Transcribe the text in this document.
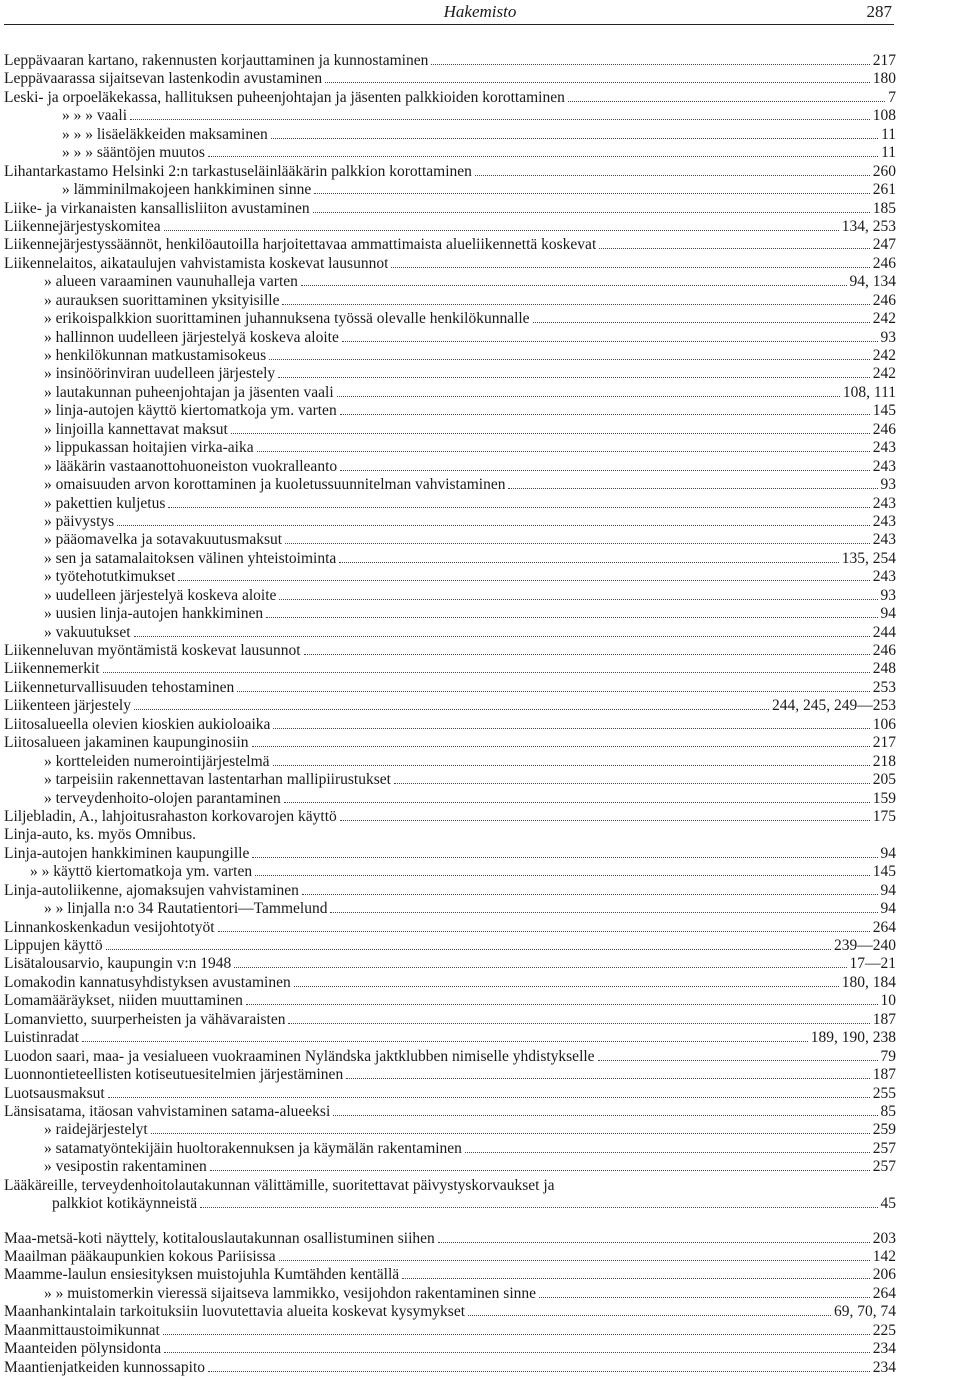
Hakemisto	287
Leppävaaran kartano, rakennusten korjauttaminen ja kunnostaminen	217
Leppävaarassa sijaitsevan lastenkodin avustaminen	180
Leski- ja orpoeläkekassa, hallituksen puheenjohtajan ja jäsenten palkkioiden korottaminen	7
» » » vaali	108
» » » lisäeläkkeiden maksaminen	11
» » » sääntöjen muutos	11
Lihantarkastamo Helsinki 2:n tarkastuseläinlääkärin palkkion korottaminen	260
» lämminilmakojeen hankkiminen sinne	261
Liike- ja virkanaisten kansallisliiton avustaminen	185
Liikennejärjestyskomitea	134, 253
Liikennejärjestyssäännöt, henkilöautoilla harjoitettavaa ammattimaista alueliikennettä koskevat	247
Liikennelaitos, aikataulujen vahvistamista koskevat lausunnot	246
» alueen varaaminen vaunuhalleja varten	94, 134
» aurauksen suorittaminen yksityisille	246
» erikoispalkkion suorittaminen juhannuksena työssä olevalle henkilökunnalle	242
» hallinnon uudelleen järjestelyä koskeva aloite	93
» henkilökunnan matkustamisokeus	242
» insinöörinviran uudelleen järjestely	242
» lautakunnan puheenjohtajan ja jäsenten vaali	108, 111
» linja-autojen käyttö kiertomatkoja ym. varten	145
» linjoilla kannettavat maksut	246
» lippukassan hoitajien virka-aika	243
» lääkärin vastaanottohuoneiston vuokralleanto	243
» omaisuuden arvon korottaminen ja kuoletussuunnitelman vahvistaminen	93
» pakettien kuljetus	243
» päivystys	243
» pääomavelka ja sotavakuutusmaksut	243
» sen ja satamalaitoksen välinen yhteistoiminta	135, 254
» työtehotutkimukset	243
» uudelleen järjestelyä koskeva aloite	93
» uusien linja-autojen hankkiminen	94
» vakuutukset	244
Liikenneluvan myöntämistä koskevat lausunnot	246
Liikennemerkit	248
Liikenneturvallisuuden tehostaminen	253
Liikenteen järjestely	244, 245, 249—253
Liitosalueella olevien kioskien aukioloaika	106
Liitosalueen jakaminen kaupunginosiin	217
» kortteleiden numerointijärjestelmä	218
» tarpeisiin rakennettavan lastentarhan mallipiirustukset	205
» terveydenhoito-olojen parantaminen	159
Liljebladin, A., lahjoitusrahaston korkovarojen käyttö	175
Linja-auto, ks. myös Omnibus.
Linja-autojen hankkiminen kaupungille	94
» » käyttö kiertomatkoja ym. varten	145
Linja-autoliikenne, ajomaksujen vahvistaminen	94
» » linjalla n:o 34 Rautatientori—Tammelund	94
Linnankoskenkadun vesijohtotyöt	264
Lippujen käyttö	239—240
Lisätalousarvio, kaupungin v:n 1948	17—21
Lomakodin kannatusyhdistyksen avustaminen	180, 184
Lomamääräykset, niiden muuttaminen	10
Lomanvietto, suurperheisten ja vähävaraisten	187
Luistinradat	189, 190, 238
Luodon saari, maa- ja vesialueen vuokraaminen Nyländska jaktklubben nimiselle yhdistykselle	79
Luonnontieteellisten kotiseutuesitelmien järjestäminen	187
Luotsausmaksut	255
Länsisatama, itäosan vahvistaminen satama-alueeksi	85
» raidejärjestelyt	259
» satamatyöntekijäin huoltorakennuksen ja käymälän rakentaminen	257
» vesipostin rakentaminen	257
Lääkäreille, terveydenhoitolautakunnan välittämille, suoritettavat päivystyskorvaukset ja
palkkiot kotikäynneistä	45
Maa-metsä-koti näyttely, kotitalouslautakunnan osallistuminen siihen	203
Maailman pääkaupunkien kokous Pariisissa	142
Maamme-laulun ensiesityksen muistojuhla Kumtähden kentällä	206
» » muistomerkin vieressä sijaitseva lammikko, vesijohdon rakentaminen sinne	264
Maanhankintalain tarkoituksiin luovutettavia alueita koskevat kysymykset	69, 70, 74
Maanmittaustoimikunnat	225
Maanteiden pölynsidonta	234
Maantienjatkeiden kunnossapito	234
